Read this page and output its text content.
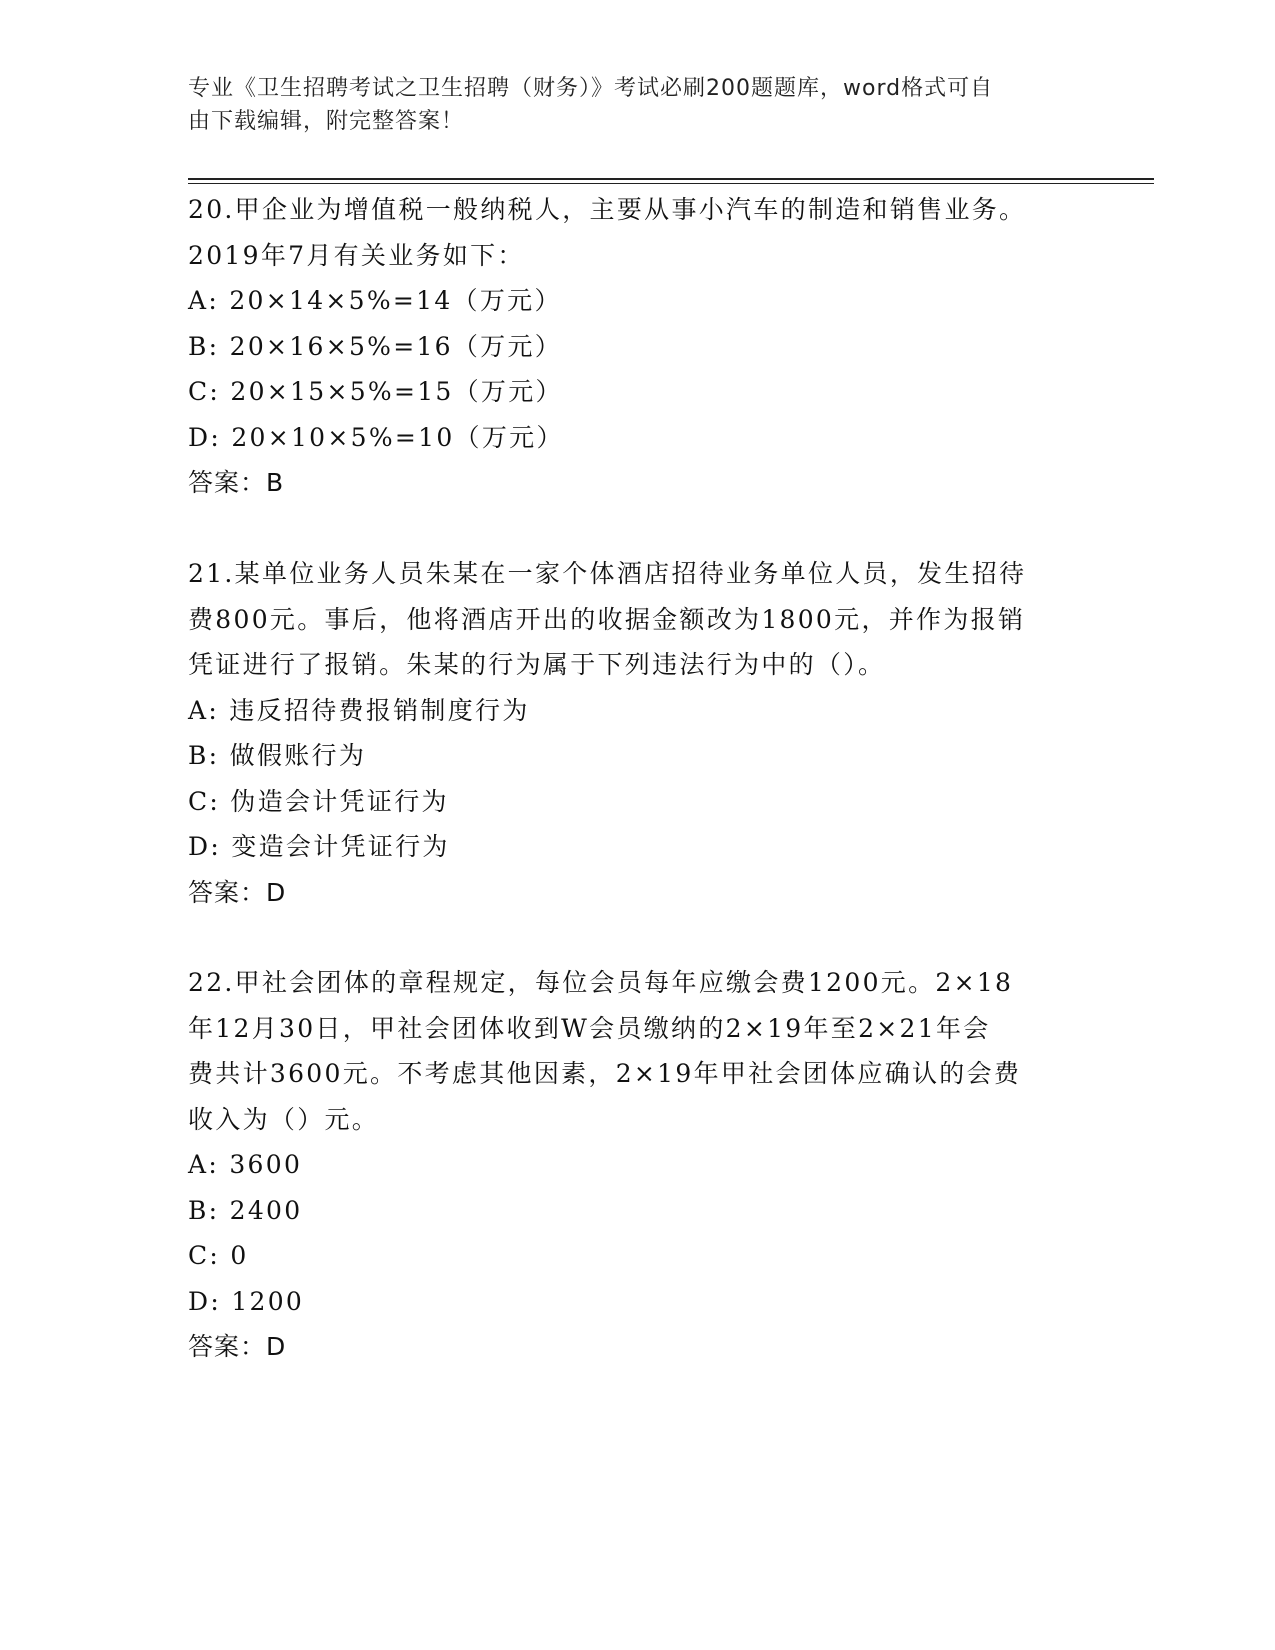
专业《卫生招聘考试之卫生招聘（财务）》考试必刷200题题库，word格式可自
由下载编辑，附完整答案！

20.甲企业为增值税一般纳税人，主要从事小汽车的制造和销售业务。

2019年7月有关业务如下：

A: 20×14×5%=14（万元）

B: 20×16×5%=16（万元）

C: 20×15×5%=15（万元）

D: 20×10×5%=10（万元）

答案：B

21.某单位业务人员朱某在一家个体酒店招待业务单位人员，发生招待

费800元。事后，他将酒店开出的收据金额改为1800元，并作为报销

凭证进行了报销。朱某的行为属于下列违法行为中的（）。

A: 违反招待费报销制度行为

B: 做假账行为

C: 伪造会计凭证行为

D: 变造会计凭证行为

答案：D

22.甲社会团体的章程规定，每位会员每年应缴会费1200元。2×18

年12月30日，甲社会团体收到W会员缴纳的2×19年至2×21年会

费共计3600元。不考虑其他因素，2×19年甲社会团体应确认的会费

收入为（）元。

A: 3600

B: 2400

C: 0

D: 1200

答案：D
